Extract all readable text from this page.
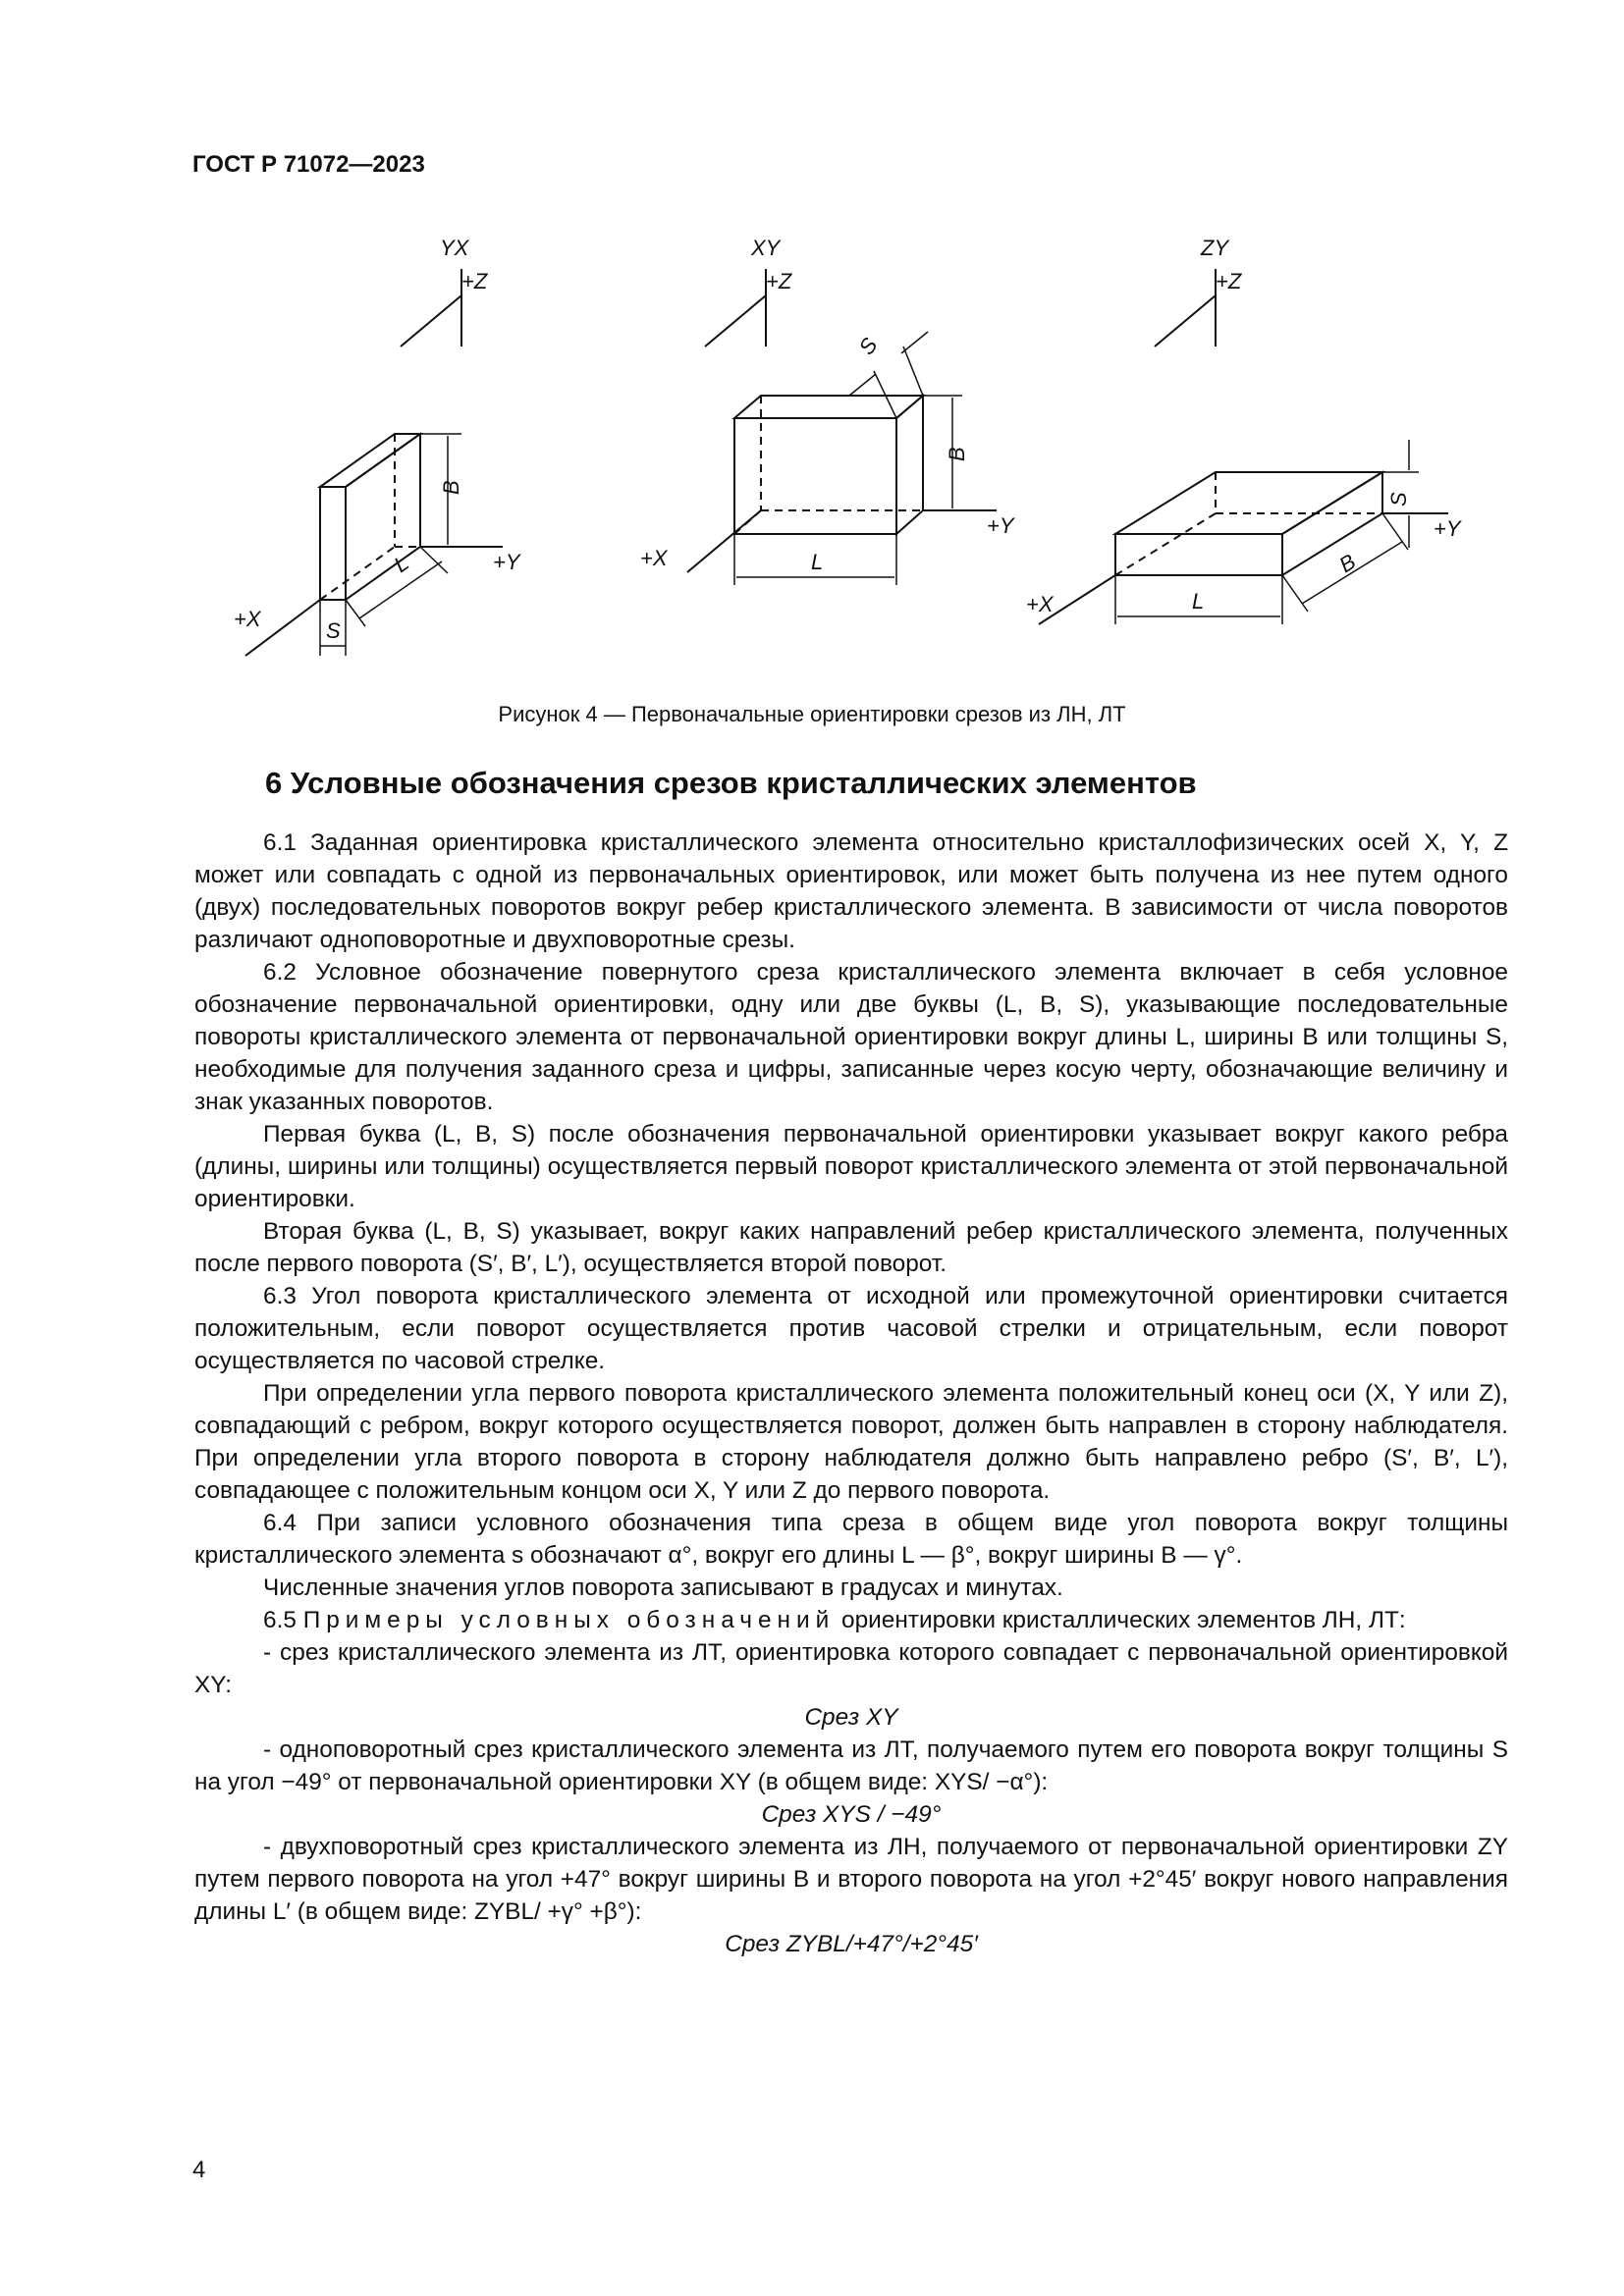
ГОСТ Р 71072—2023
YX
+Z
+Y
+X
B
L
S
XY
+Z
+Y
+X
B
S
L
ZY
+Z
+Y
+X
S
B
L
Рисунок 4 — Первоначальные ориентировки срезов из ЛН, ЛТ
6 Условные обозначения срезов кристаллических элементов

6.1 Заданная ориентировка кристаллического элемента относительно кристаллофизических осей X, Y, Z может или совпадать с одной из первоначальных ориентировок, или может быть получена из нее путем одного (двух) последовательных поворотов вокруг ребер кристаллического элемента. В зависимости от числа поворотов различают одноповоротные и двухповоротные срезы.

6.2 Условное обозначение повернутого среза кристаллического элемента включает в себя условное обозначение первоначальной ориентировки, одну или две буквы (L, B, S), указывающие последовательные повороты кристаллического элемента от первоначальной ориентировки вокруг длины L, ширины B или толщины S, необходимые для получения заданного среза и цифры, записанные через косую черту, обозначающие величину и знак указанных поворотов.

Первая буква (L, B, S) после обозначения первоначальной ориентировки указывает вокруг какого ребра (длины, ширины или толщины) осуществляется первый поворот кристаллического элемента от этой первоначальной ориентировки.

Вторая буква (L, B, S) указывает, вокруг каких направлений ребер кристаллического элемента, полученных после первого поворота (S′, B′, L′), осуществляется второй поворот.

6.3 Угол поворота кристаллического элемента от исходной или промежуточной ориентировки считается положительным, если поворот осуществляется против часовой стрелки и отрицательным, если поворот осуществляется по часовой стрелке.

При определении угла первого поворота кристаллического элемента положительный конец оси (X, Y или Z), совпадающий с ребром, вокруг которого осуществляется поворот, должен быть направлен в сторону наблюдателя. При определении угла второго поворота в сторону наблюдателя должно быть направлено ребро (S′, B′, L′), совпадающее с положительным концом оси X, Y или Z до первого поворота.

6.4 При записи условного обозначения типа среза в общем виде угол поворота вокруг толщины кристаллического элемента s обозначают α°, вокруг его длины L — β°, вокруг ширины B — γ°.

Численные значения углов поворота записывают в градусах и минутах.

6.5 Примеры условных обозначений ориентировки кристаллических элементов ЛН, ЛТ:

- срез кристаллического элемента из ЛТ, ориентировка которого совпадает с первоначальной ориентировкой XY:

Срез XY

- одноповоротный срез кристаллического элемента из ЛТ, получаемого путем его поворота вокруг толщины S на угол −49° от первоначальной ориентировки XY (в общем виде: XYS/ −α°):

Срез XYS / −49°

- двухповоротный срез кристаллического элемента из ЛН, получаемого от первоначальной ориентировки ZY путем первого поворота на угол +47° вокруг ширины B и второго поворота на угол +2°45′ вокруг нового направления длины L′ (в общем виде: ZYBL/ +γ° +β°):

Срез ZYBL/+47°/+2°45′

4
